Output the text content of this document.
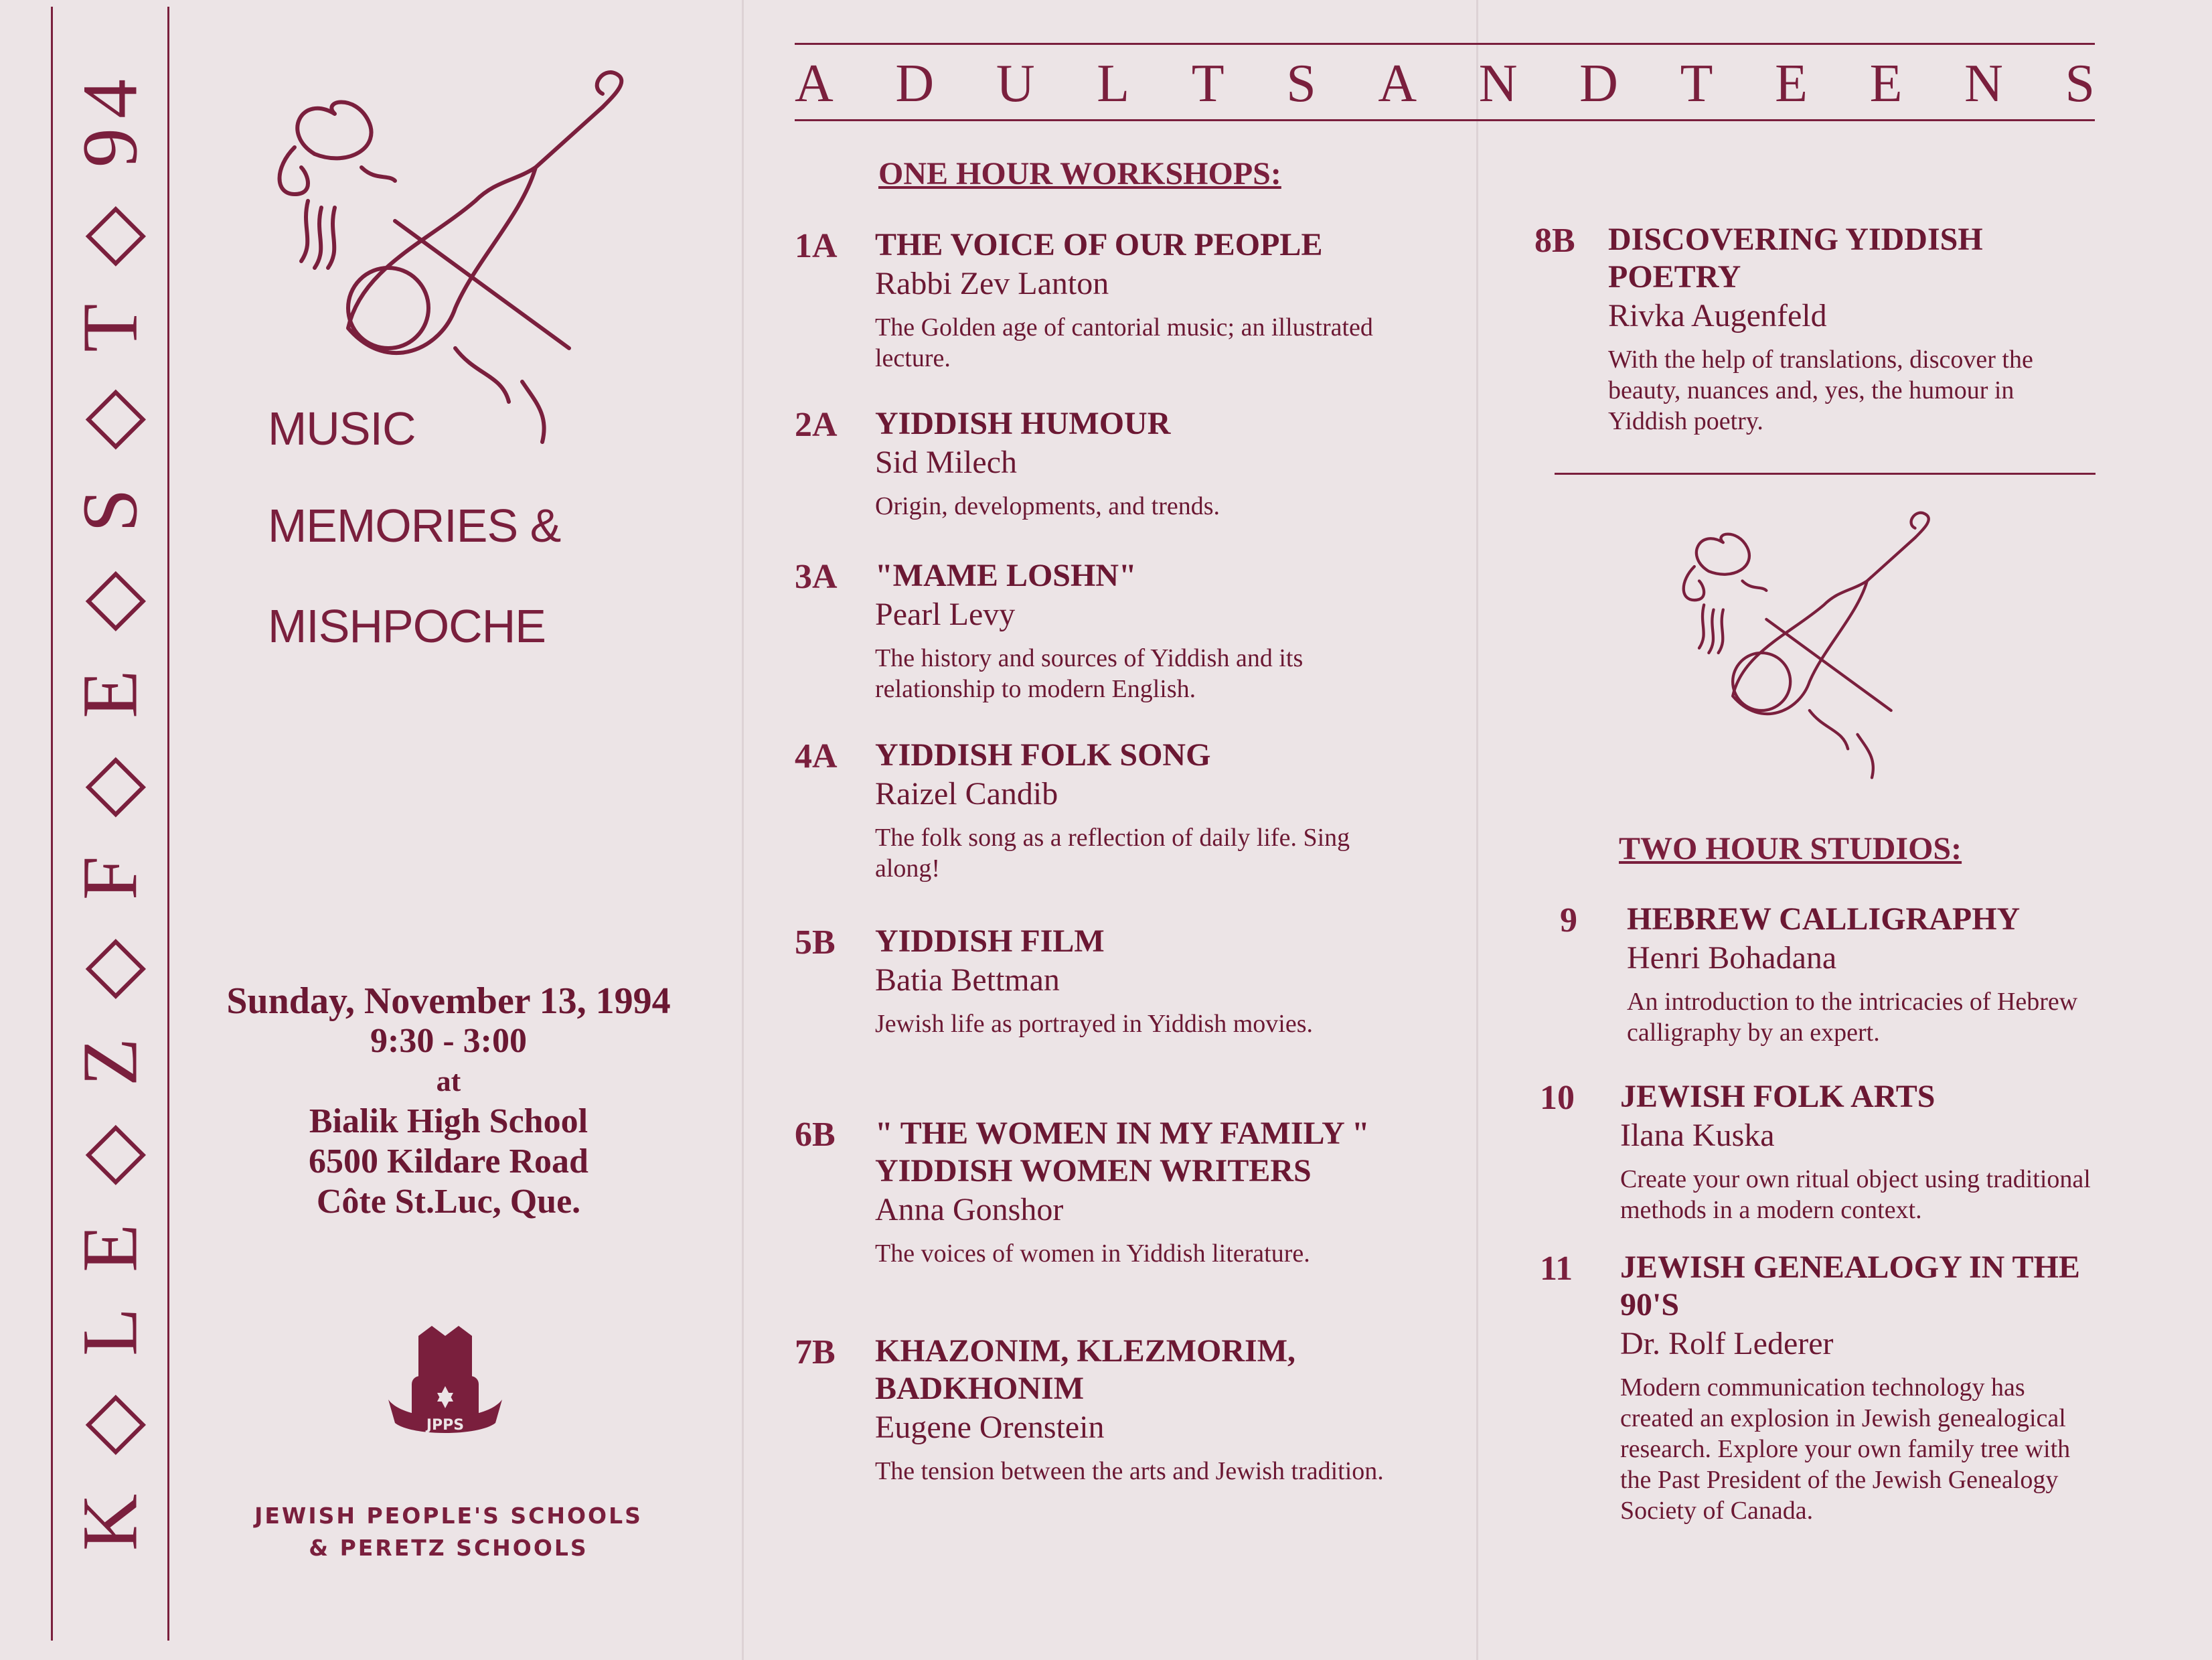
K ◇ L E ◇ Z ◇ F ◇ E ◇ S ◇ T ◇ 94 MUSIC
MEMORIES &
MISHPOCHE
Sunday, November 13, 1994
9:30 - 3:00
at
Bialik High School
6500 Kildare Road
Côte St.Luc, Que.
JPPS
JEWISH PEOPLE'S SCHOOLS
& PERETZ SCHOOLS
A D U L T S A N D T E E N S
ONE HOUR WORKSHOPS:
1A THE VOICE OF OUR PEOPLE
Rabbi Zev Lanton
The Golden age of cantorial music; an illustrated lecture.
2A YIDDISH HUMOUR
Sid Milech
Origin, developments, and trends.
3A "MAME LOSHN"
Pearl Levy
The history and sources of Yiddish and its relationship to modern English.
4A YIDDISH FOLK SONG
Raizel Candib
The folk song as a reflection of daily life. Sing along!
5B YIDDISH FILM
Batia Bettman
Jewish life as portrayed in Yiddish movies.
6B " THE WOMEN IN MY FAMILY " YIDDISH WOMEN WRITERS
Anna Gonshor
The voices of women in Yiddish literature.
7B KHAZONIM, KLEZMORIM, BADKHONIM
Eugene Orenstein
The tension between the arts and Jewish tradition.
8B DISCOVERING YIDDISH POETRY
Rivka Augenfeld
With the help of translations, discover the beauty, nuances and, yes, the humour in Yiddish poetry.
TWO HOUR STUDIOS:
9 HEBREW CALLIGRAPHY
Henri Bohadana
An introduction to the intricacies of Hebrew calligraphy by an expert.
10 JEWISH FOLK ARTS
Ilana Kuska
Create your own ritual object using traditional methods in a modern context.
11 JEWISH GENEALOGY IN THE 90'S
Dr. Rolf Lederer
Modern communication technology has created an explosion in Jewish genealogical research. Explore your own family tree with the Past President of the Jewish Genealogy Society of Canada.
